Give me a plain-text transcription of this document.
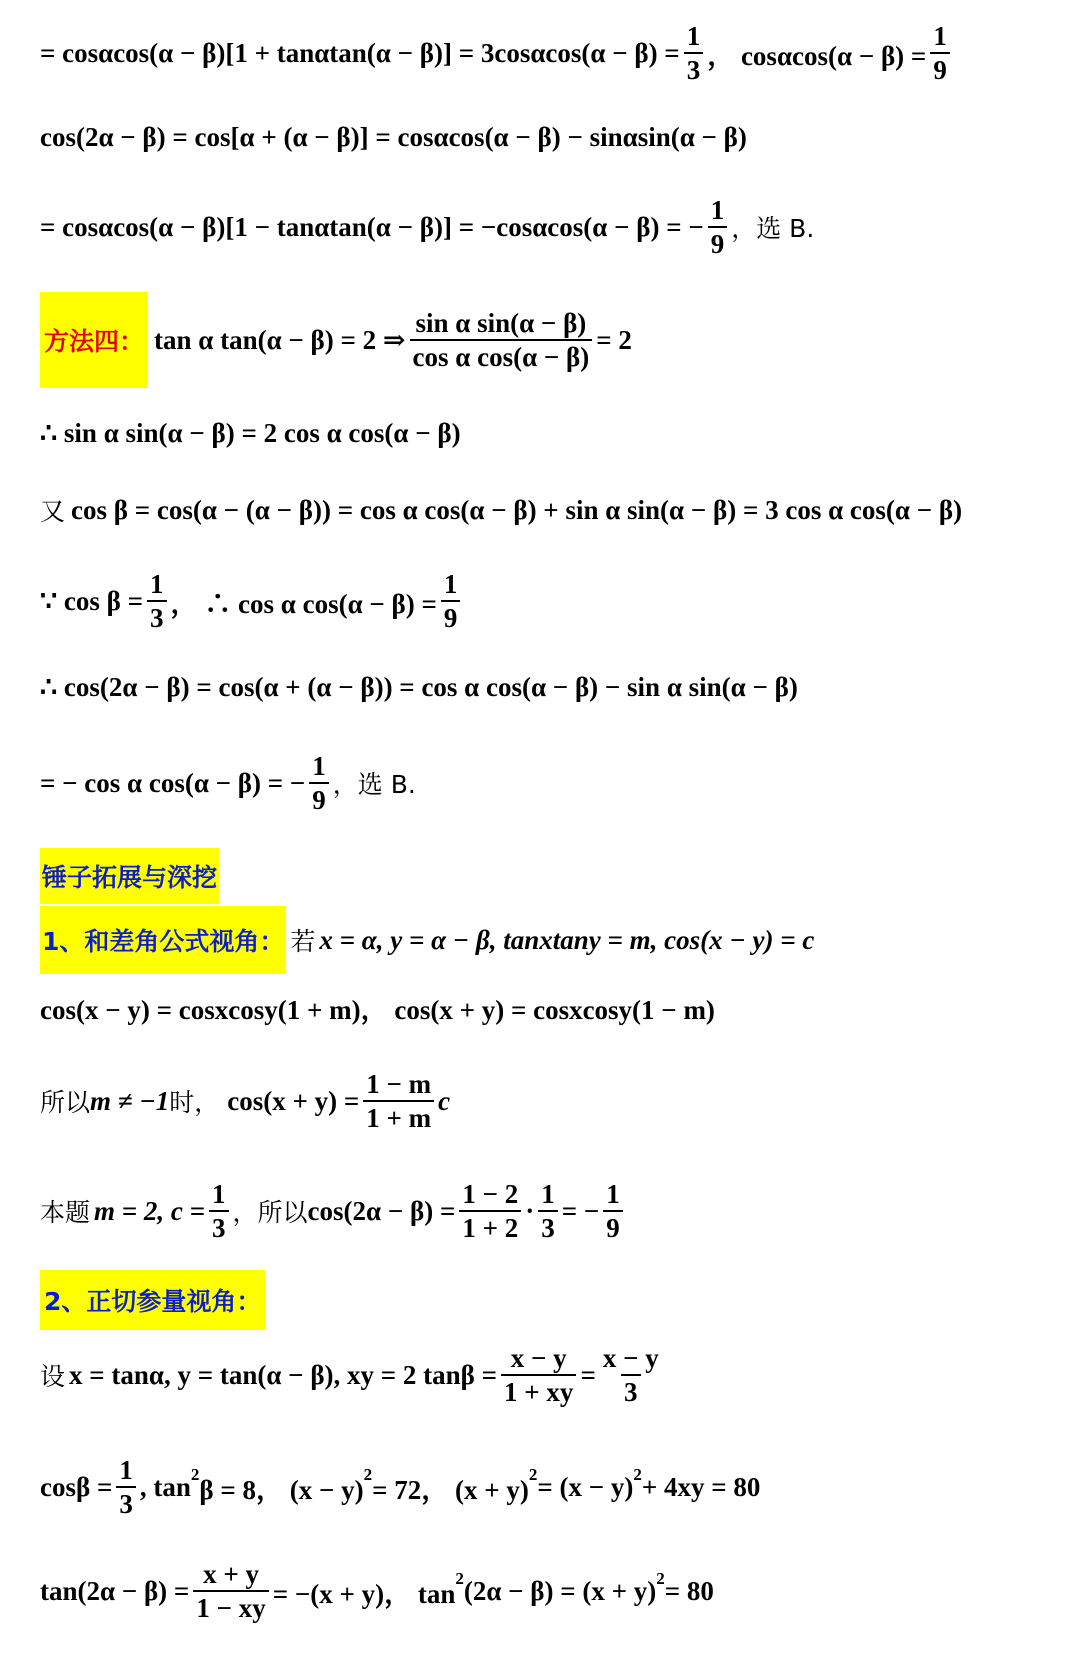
= $\cos\alpha\cos(\alpha - \beta)[1 + \tan\alpha\tan(\alpha - \beta)] = 3\cos\alpha\cos(\alpha - \beta) = \frac{1}{3}$ ， $\cos\alpha\cos(\alpha - \beta) = \frac{1}{9}$
cos(2α − β) = cos[α + (α − β)] = cosαcos(α − β) − sinαsin(α − β)
= cosαcos(α − β)[1 − tanαtan(α − β)] = −cosαcos(α − β) = − $\frac{1}{9}$ ，选 B.
方法四： tan α tan(α − β) = 2 ⇒ $\frac{\text{sin α sin(α − β)}}{\text{cos α cos(α − β)}} = 2$
∴ sin α sin(α − β) = 2 cos α cos(α − β)
又 cos β = cos(α − (α − β)) = cos α cos(α − β) + sin α sin(α − β) = 3 cos α cos(α − β)
∵ $\cos \beta = \frac{1}{3}$ ， ∴ cos α $\cos(\alpha - \beta) = \frac{1}{9}$
∴ cos(2α − β) = cos(α + (α − β)) = cos α cos(α − β) − sin α sin(α − β)
= − cos α cos(α − β) = − $\frac{1}{9}$ ，选 B.
锤子拓展与深挖
1、和差角公式视角： 若 x = α, y = α − β, tanxtany = m, cos(x − y) = c
cos(x − y) = cosxcosy(1 + m)， cos(x + y) = cosxcosy(1 − m)
所以 m ≠ −1 时， $\cos(x + y) = \frac{1 - m}{1 + m}$ c
本题 m = 2, $c = \frac{1}{3}$ ，所以 $\cos(2\alpha - \beta) = \frac{1 - 2}{1 + 2} \cdot \frac{1}{3}$ = − $\frac{1}{9}$
2、正切参量视角：
设 x = tanα, y = tan(α − β), xy = 2 $\tan\beta = \frac{x - y}{1 + xy} = \frac{x - y}{3}$
$\cos\beta = \frac{1}{3}$ , tan 2 β = 8， (x − y) 2 = 72， (x + y) 2 = (x − y) 2 + 4xy = 80
$\tan(2\alpha - \beta) = \frac{x + y}{1 - xy} = -(x + y)$， tan 2 (2α − β) = (x + y) 2 = 80
